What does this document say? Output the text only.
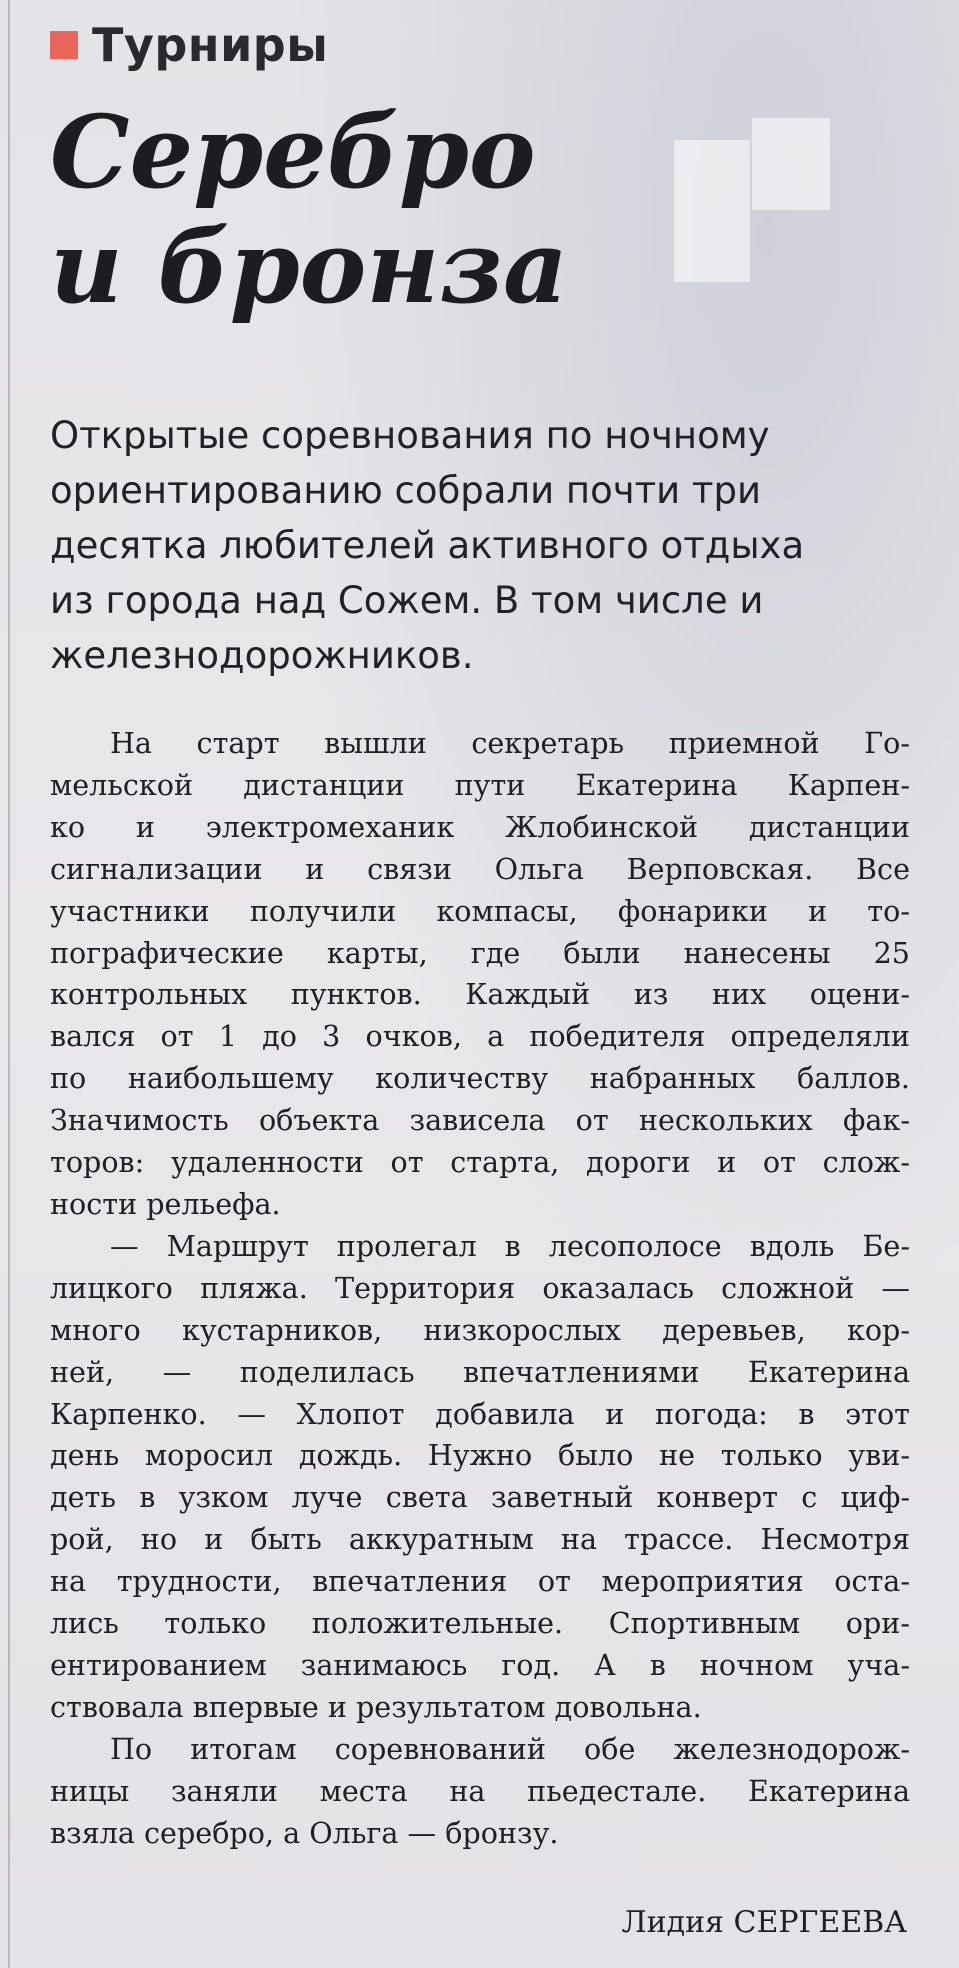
Турниры
Серебро
и бронза
Открытые соревнования по ночному
ориентированию собрали почти три
десятка любителей активного отдыха
из города над Сожем. В том числе и
железнодорожников.
На старт вышли секретарь приемной Го-
мельской дистанции пути Екатерина Карпен-
ко и электромеханик Жлобинской дистанции
сигнализации и связи Ольга Верповская. Все
участники получили компасы, фонарики и то-
пографические карты, где были нанесены 25
контрольных пунктов. Каждый из них оцени-
вался от 1 до 3 очков, а победителя определяли
по наибольшему количеству набранных баллов.
Значимость объекта зависела от нескольких фак-
торов: удаленности от старта, дороги и от слож-
ности рельефа.
— Маршрут пролегал в лесополосе вдоль Бе-
лицкого пляжа. Территория оказалась сложной —
много кустарников, низкорослых деревьев, кор-
ней, — поделилась впечатлениями Екатерина
Карпенко. — Хлопот добавила и погода: в этот
день моросил дождь. Нужно было не только уви-
деть в узком луче света заветный конверт с циф-
рой, но и быть аккуратным на трассе. Несмотря
на трудности, впечатления от мероприятия оста-
лись только положительные. Спортивным ори-
ентированием занимаюсь год. А в ночном уча-
ствовала впервые и результатом довольна.
По итогам соревнований обе железнодорож-
ницы заняли места на пьедестале. Екатерина
взяла серебро, а Ольга — бронзу.
Лидия СЕРГЕЕВА
